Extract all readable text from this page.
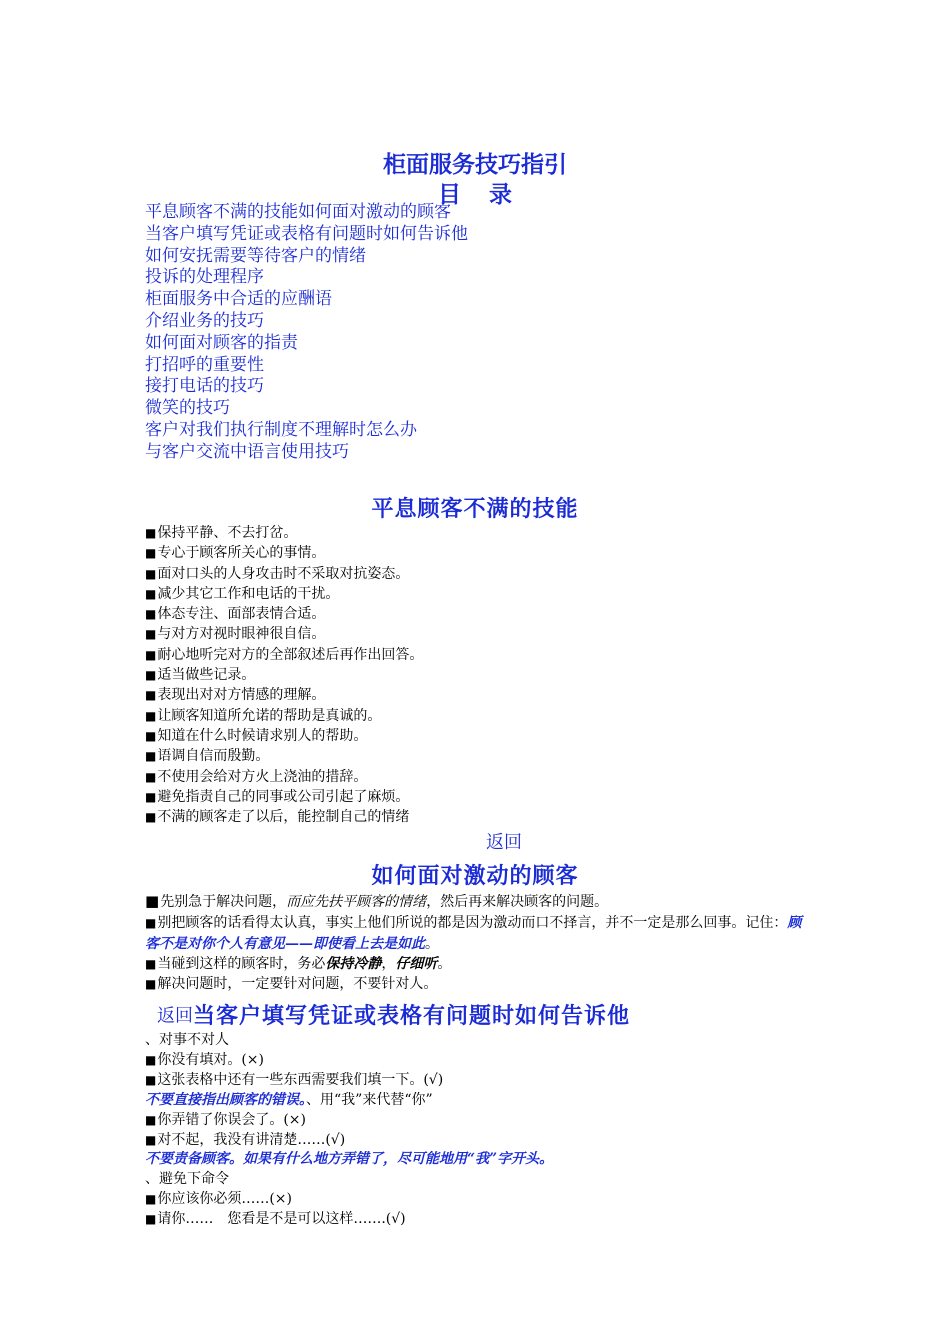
柜面服务技巧指引
目录
平息顾客不满的技能如何面对激动的顾客
当客户填写凭证或表格有问题时如何告诉他
如何安抚需要等待客户的情绪
投诉的处理程序
柜面服务中合适的应酬语
介绍业务的技巧
如何面对顾客的指责
打招呼的重要性
接打电话的技巧
微笑的技巧
客户对我们执行制度不理解时怎么办
与客户交流中语言使用技巧
平息顾客不满的技能
■保持平静、不去打岔。
■专心于顾客所关心的事情。
■面对口头的人身攻击时不采取对抗姿态。
■减少其它工作和电话的干扰。
■体态专注、面部表情合适。
■与对方对视时眼神很自信。
■耐心地听完对方的全部叙述后再作出回答。
■适当做些记录。
■表现出对对方情感的理解。
■让顾客知道所允诺的帮助是真诚的。
■知道在什么时候请求别人的帮助。
■语调自信而殷勤。
■不使用会给对方火上浇油的措辞。
■避免指责自己的同事或公司引起了麻烦。
■不满的顾客走了以后，能控制自己的情绪
返回
如何面对激动的顾客
■先别急于解决问题，而应先扶平顾客的情绪，然后再来解决顾客的问题。
■别把顾客的话看得太认真，事实上他们所说的都是因为激动而口不择言，并不一定是那么回事。记住：顾客不是对你个人有意见——即使看上去是如此。
■当碰到这样的顾客时，务必保持冷静，仔细听。
■解决问题时，一定要针对问题，不要针对人。
返回当客户填写凭证或表格有问题时如何告诉他
、对事不对人
■你没有填对。(×)
■这张表格中还有一些东西需要我们填一下。(√)
不要直接指出顾客的错误。、用“我”来代替“你”
■你弄错了你误会了。(×)
■对不起，我没有讲清楚……(√)
不要责备顾客。如果有什么地方弄错了，尽可能地用“我”字开头。
、避免下命令
■你应该你必须……(×)
■请你……　您看是不是可以这样…….(√)
